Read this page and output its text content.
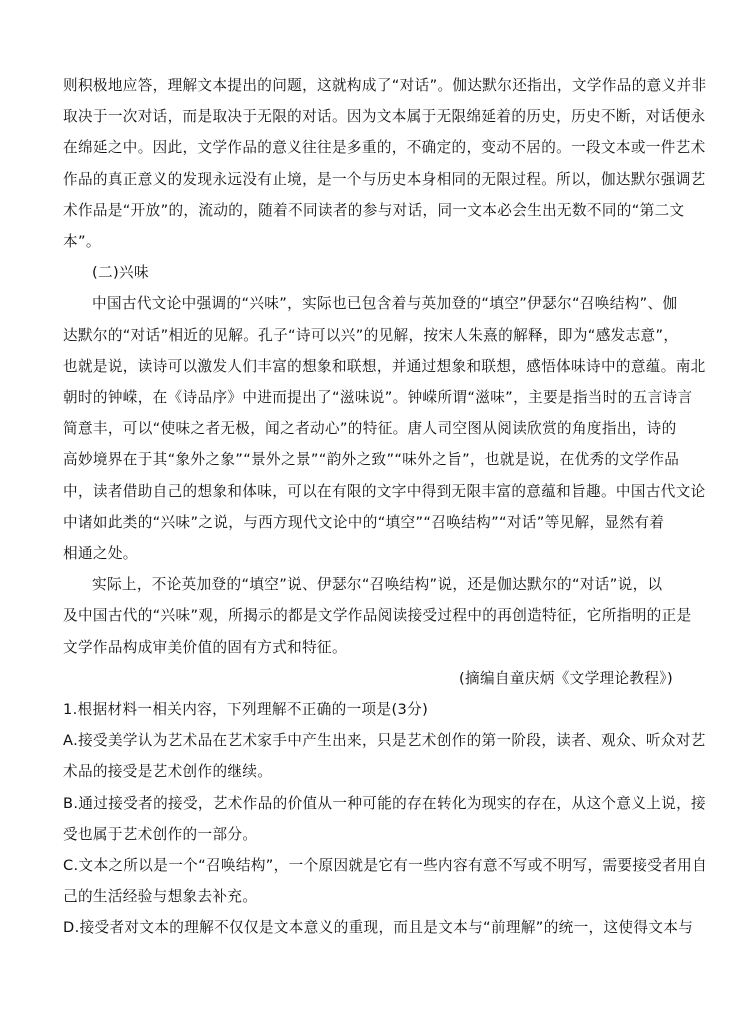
则积极地应答，理解文本提出的问题，这就构成了“对话”。伽达默尔还指出，文学作品的意义并非

取决于一次对话，而是取决于无限的对话。因为文本属于无限绵延着的历史，历史不断，对话便永

在绵延之中。因此，文学作品的意义往往是多重的，不确定的，变动不居的。一段文本或一件艺术

作品的真正意义的发现永远没有止境，是一个与历史本身相同的无限过程。所以，伽达默尔强调艺

术作品是“开放”的，流动的，随着不同读者的参与对话，同一文本必会生出无数不同的“第二文

本”。

(二)兴味

中国古代文论中强调的“兴味”，实际也已包含着与英加登的“填空”伊瑟尔“召唤结构”、伽

达默尔的“对话”相近的见解。孔子“诗可以兴”的见解，按宋人朱熹的解释，即为“感发志意”，

也就是说，读诗可以激发人们丰富的想象和联想，并通过想象和联想，感悟体味诗中的意蕴。南北

朝时的钟嵘，在《诗品序》中进而提出了“滋味说”。钟嵘所谓“滋味”，主要是指当时的五言诗言

简意丰，可以“使味之者无极，闻之者动心”的特征。唐人司空图从阅读欣赏的角度指出，诗的

高妙境界在于其“象外之象”“景外之景”“韵外之致”“味外之旨”，也就是说，在优秀的文学作品

中，读者借助自己的想象和体味，可以在有限的文字中得到无限丰富的意蕴和旨趣。中国古代文论

中诸如此类的“兴味”之说，与西方现代文论中的“填空”“召唤结构”“对话”等见解，显然有着

相通之处。

实际上，不论英加登的“填空”说、伊瑟尔“召唤结构”说，还是伽达默尔的“对话”说，以

及中国古代的“兴味”观，所揭示的都是文学作品阅读接受过程中的再创造特征，它所指明的正是

文学作品构成审美价值的固有方式和特征。

(摘编自童庆炳《文学理论教程》)

1.根据材料一相关内容，下列理解不正确的一项是(3分)

A.接受美学认为艺术品在艺术家手中产生出来，只是艺术创作的第一阶段，读者、观众、听众对艺

术品的接受是艺术创作的继续。

B.通过接受者的接受，艺术作品的价值从一种可能的存在转化为现实的存在，从这个意义上说，接

受也属于艺术创作的一部分。

C.文本之所以是一个“召唤结构”，一个原因就是它有一些内容有意不写或不明写，需要接受者用自

己的生活经验与想象去补充。

D.接受者对文本的理解不仅仅是文本意义的重现，而且是文本与“前理解”的统一，这使得文本与
